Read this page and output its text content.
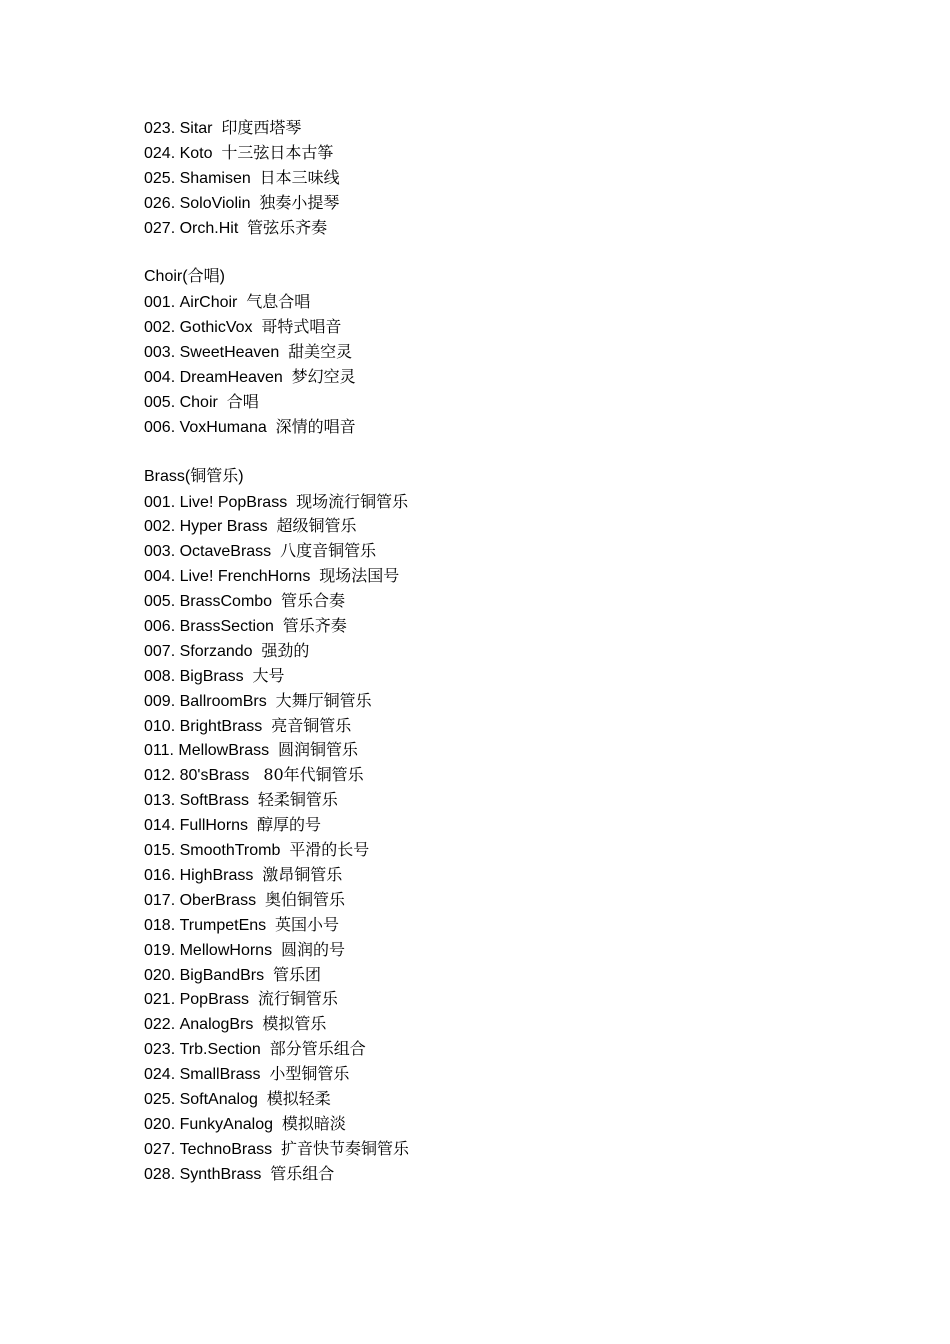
023. Sitar 印度西塔琴
024. Koto 十三弦日本古筝
025. Shamisen 日本三味线
026. SoloViolin 独奏小提琴
027. Orch.Hit 管弦乐齐奏
Choir(合唱)
001. AirChoir 气息合唱
002. GothicVox 哥特式唱音
003. SweetHeaven 甜美空灵
004. DreamHeaven 梦幻空灵
005. Choir 合唱
006. VoxHumana 深情的唱音
Brass(铜管乐)
001. Live! PopBrass 现场流行铜管乐
002. Hyper Brass 超级铜管乐
003. OctaveBrass 八度音铜管乐
004. Live! FrenchHorns 现场法国号
005. BrassCombo 管乐合奏
006. BrassSection 管乐齐奏
007. Sforzando 强劲的
008. BigBrass 大号
009. BallroomBrs 大舞厅铜管乐
010. BrightBrass 亮音铜管乐
011. MellowBrass 圆润铜管乐
012. 80'sBrass   80年代铜管乐
013. SoftBrass 轻柔铜管乐
014. FullHorns 醇厚的号
015. SmoothTromb 平滑的长号
016. HighBrass 激昂铜管乐
017. OberBrass 奥伯铜管乐
018. TrumpetEns 英国小号
019. MellowHorns 圆润的号
020. BigBandBrs 管乐团
021. PopBrass 流行铜管乐
022. AnalogBrs 模拟管乐
023. Trb.Section 部分管乐组合
024. SmallBrass 小型铜管乐
025. SoftAnalog 模拟轻柔
020. FunkyAnalog 模拟暗淡
027. TechnoBrass 扩音快节奏铜管乐
028. SynthBrass 管乐组合
